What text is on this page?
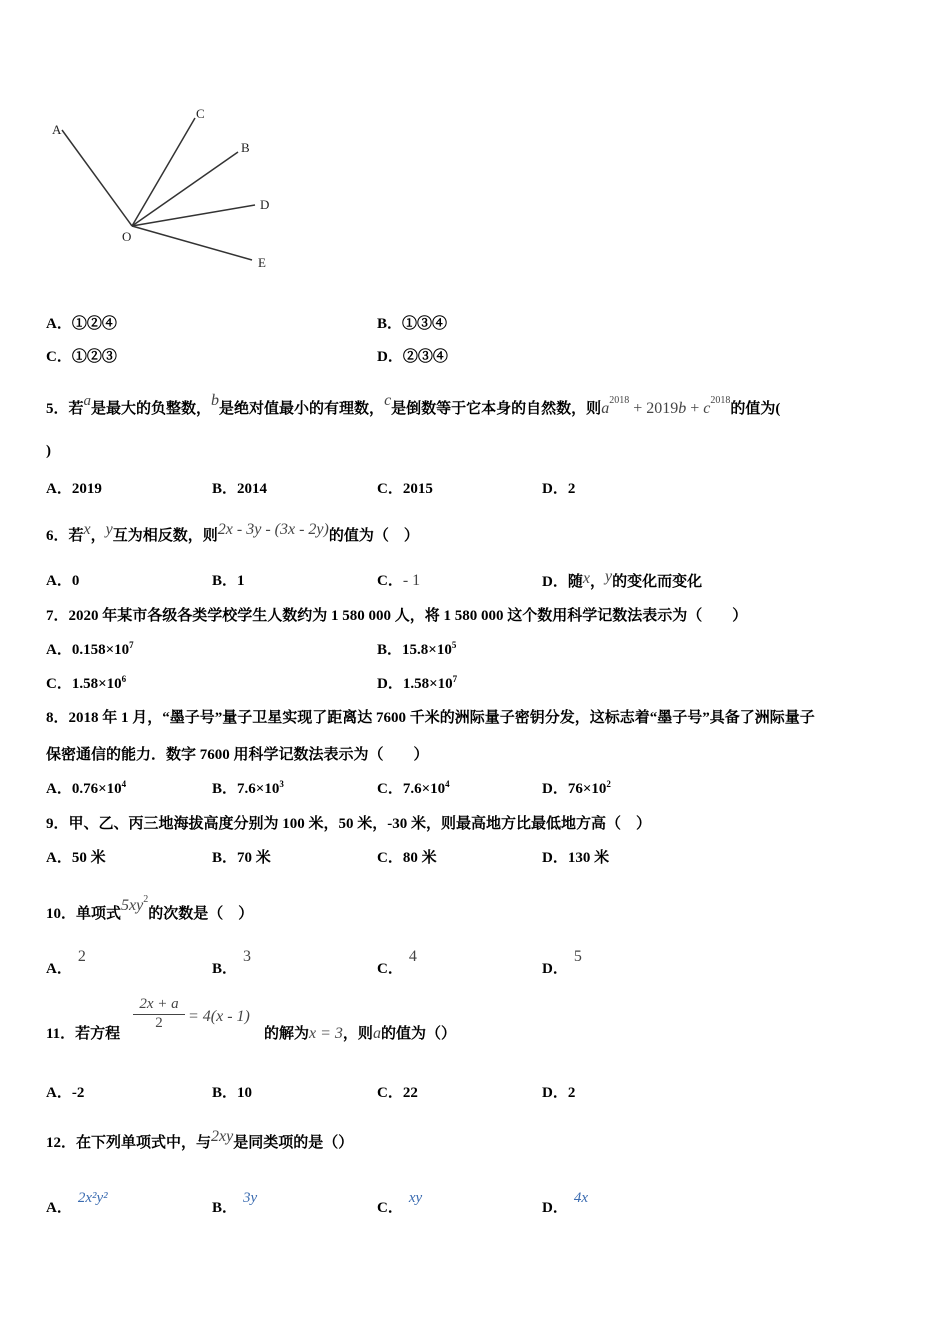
A
C
B
D
O
E
A．①②④	B．①③④
C．①②③	D．②③④
5．若a是最大的负整数，b是绝对值最小的有理数，c是倒数等于它本身的自然数，则$a^{2018} + 2019b + c^{2018}$的值为(
)
A．2019	B．2014	C．2015	D．2
6．若x，y互为相反数，则2x - 3y - (3x - 2y)的值为（　）
A．0	B．1	C．- 1	D．随x，y的变化而变化
7．2020 年某市各级各类学校学生人数约为 1 580 000 人，将 1 580 000 这个数用科学记数法表示为（　　）
A．$0.158\times 10^7$	B．$15.8\times 10^5$
C．$1.58\times 10^6$	D．$1.58\times 10^7$
8．2018 年 1 月，“墨子号”量子卫星实现了距离达 7600 千米的洲际量子密钥分发，这标志着“墨子号”具备了洲际量子
保密通信的能力．数字 7600 用科学记数法表示为（　　）
A．$0.76\times 10^4$	B．$7.6\times 10^3$	C．$7.6\times 10^4$	D．$76\times 10^2$
9．甲、乙、丙三地海拔高度分别为 100 米，50 米，-30 米，则最高地方比最低地方高（　）
A．50 米	B．70 米	C．80 米	D．130 米
10．单项式$5xy^2$的次数是（　）
A．2
B．3
C．4
D．5
11．若方程
2x + a
2	= 4(x - 1)
的解为x = 3，则a的值为（）
A．-2	B．10	C．22	D．2
12．在下列单项式中，与2xy是同类项的是（）
A．2x²y²
B．3y
C．xy
D．4x
